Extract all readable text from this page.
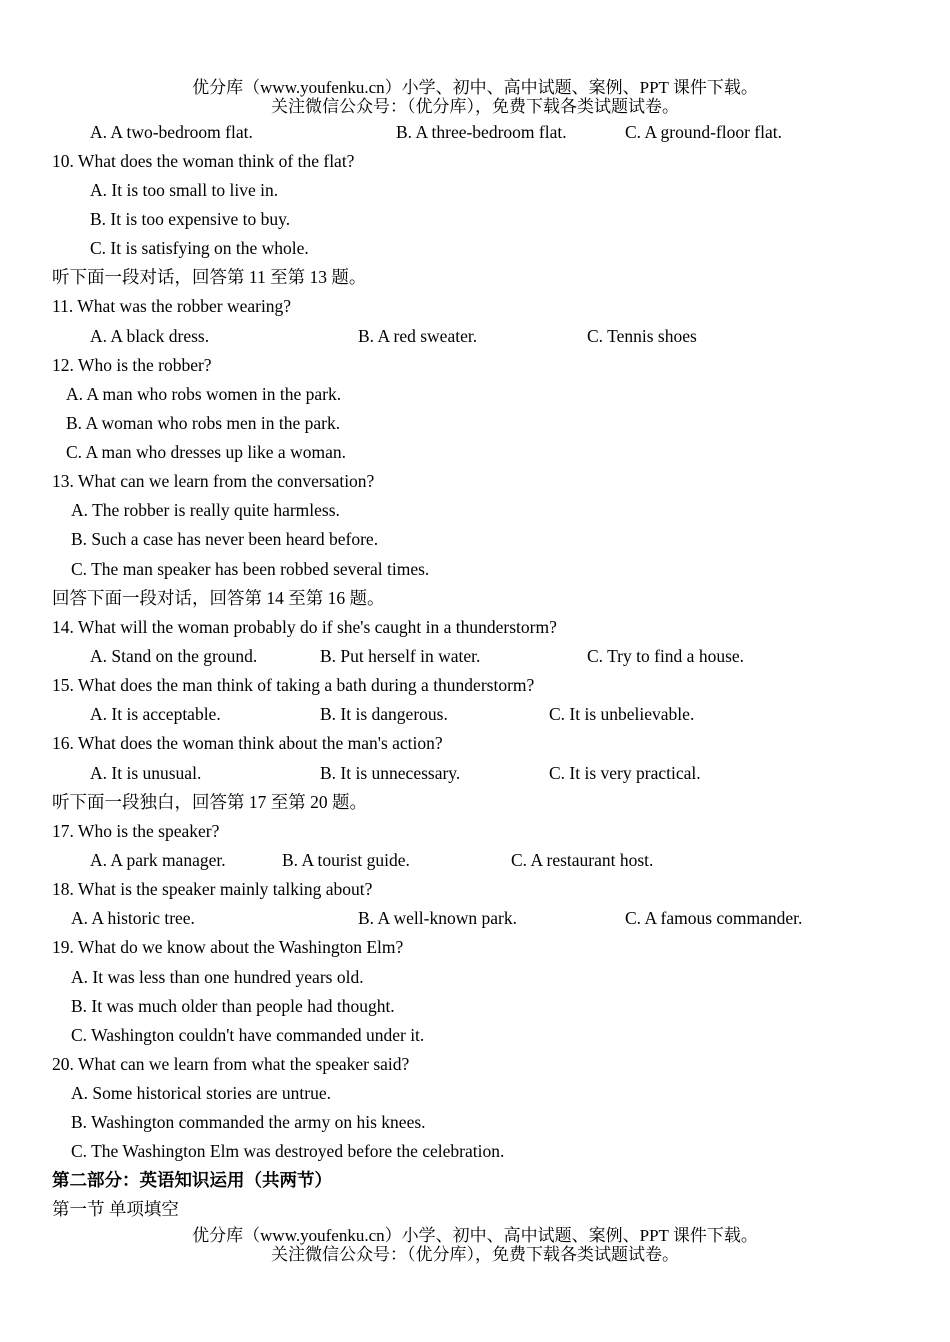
优分库（www.youfenku.cn）小学、初中、高中试题、案例、PPT 课件下载。
关注微信公众号：（优分库），免费下载各类试题试卷。
A. A two-bedroom flat.	B. A three-bedroom flat.	C. A ground-floor flat.
10. What does the woman think of the flat?
A. It is too small to live in.
B. It is too expensive to buy.
C. It is satisfying on the whole.
听下面一段对话，回答第 11 至第 13 题。
11. What was the robber wearing?
A. A black dress.	B. A red sweater.	C. Tennis shoes
12. Who is the robber?
A. A man who robs women in the park.
B. A woman who robs men in the park.
C. A man who dresses up like a woman.
13. What can we learn from the conversation?
A. The robber is really quite harmless.
B. Such a case has never been heard before.
C. The man speaker has been robbed several times.
回答下面一段对话，回答第 14 至第 16 题。
14. What will the woman probably do if she's caught in a thunderstorm?
A. Stand on the ground.	B. Put herself in water.	C. Try to find a house.
15. What does the man think of taking a bath during a thunderstorm?
A. It is acceptable.	B. It is dangerous.	C. It is unbelievable.
16. What does the woman think about the man's action?
A. It is unusual.	B. It is unnecessary.	C. It is very practical.
听下面一段独白，回答第 17 至第 20 题。
17. Who is the speaker?
A. A park manager.	B. A tourist guide.	C. A restaurant host.
18. What is the speaker mainly talking about?
A. A historic tree.	B. A well-known park.	C. A famous commander.
19. What do we know about the Washington Elm?
A. It was less than one hundred years old.
B. It was much older than people had thought.
C. Washington couldn't have commanded under it.
20. What can we learn from what the speaker said?
A. Some historical stories are untrue.
B. Washington commanded the army on his knees.
C. The Washington Elm was destroyed before the celebration.
第二部分：英语知识运用（共两节）
第一节 单项填空
优分库（www.youfenku.cn）小学、初中、高中试题、案例、PPT 课件下载。
关注微信公众号：（优分库），免费下载各类试题试卷。
